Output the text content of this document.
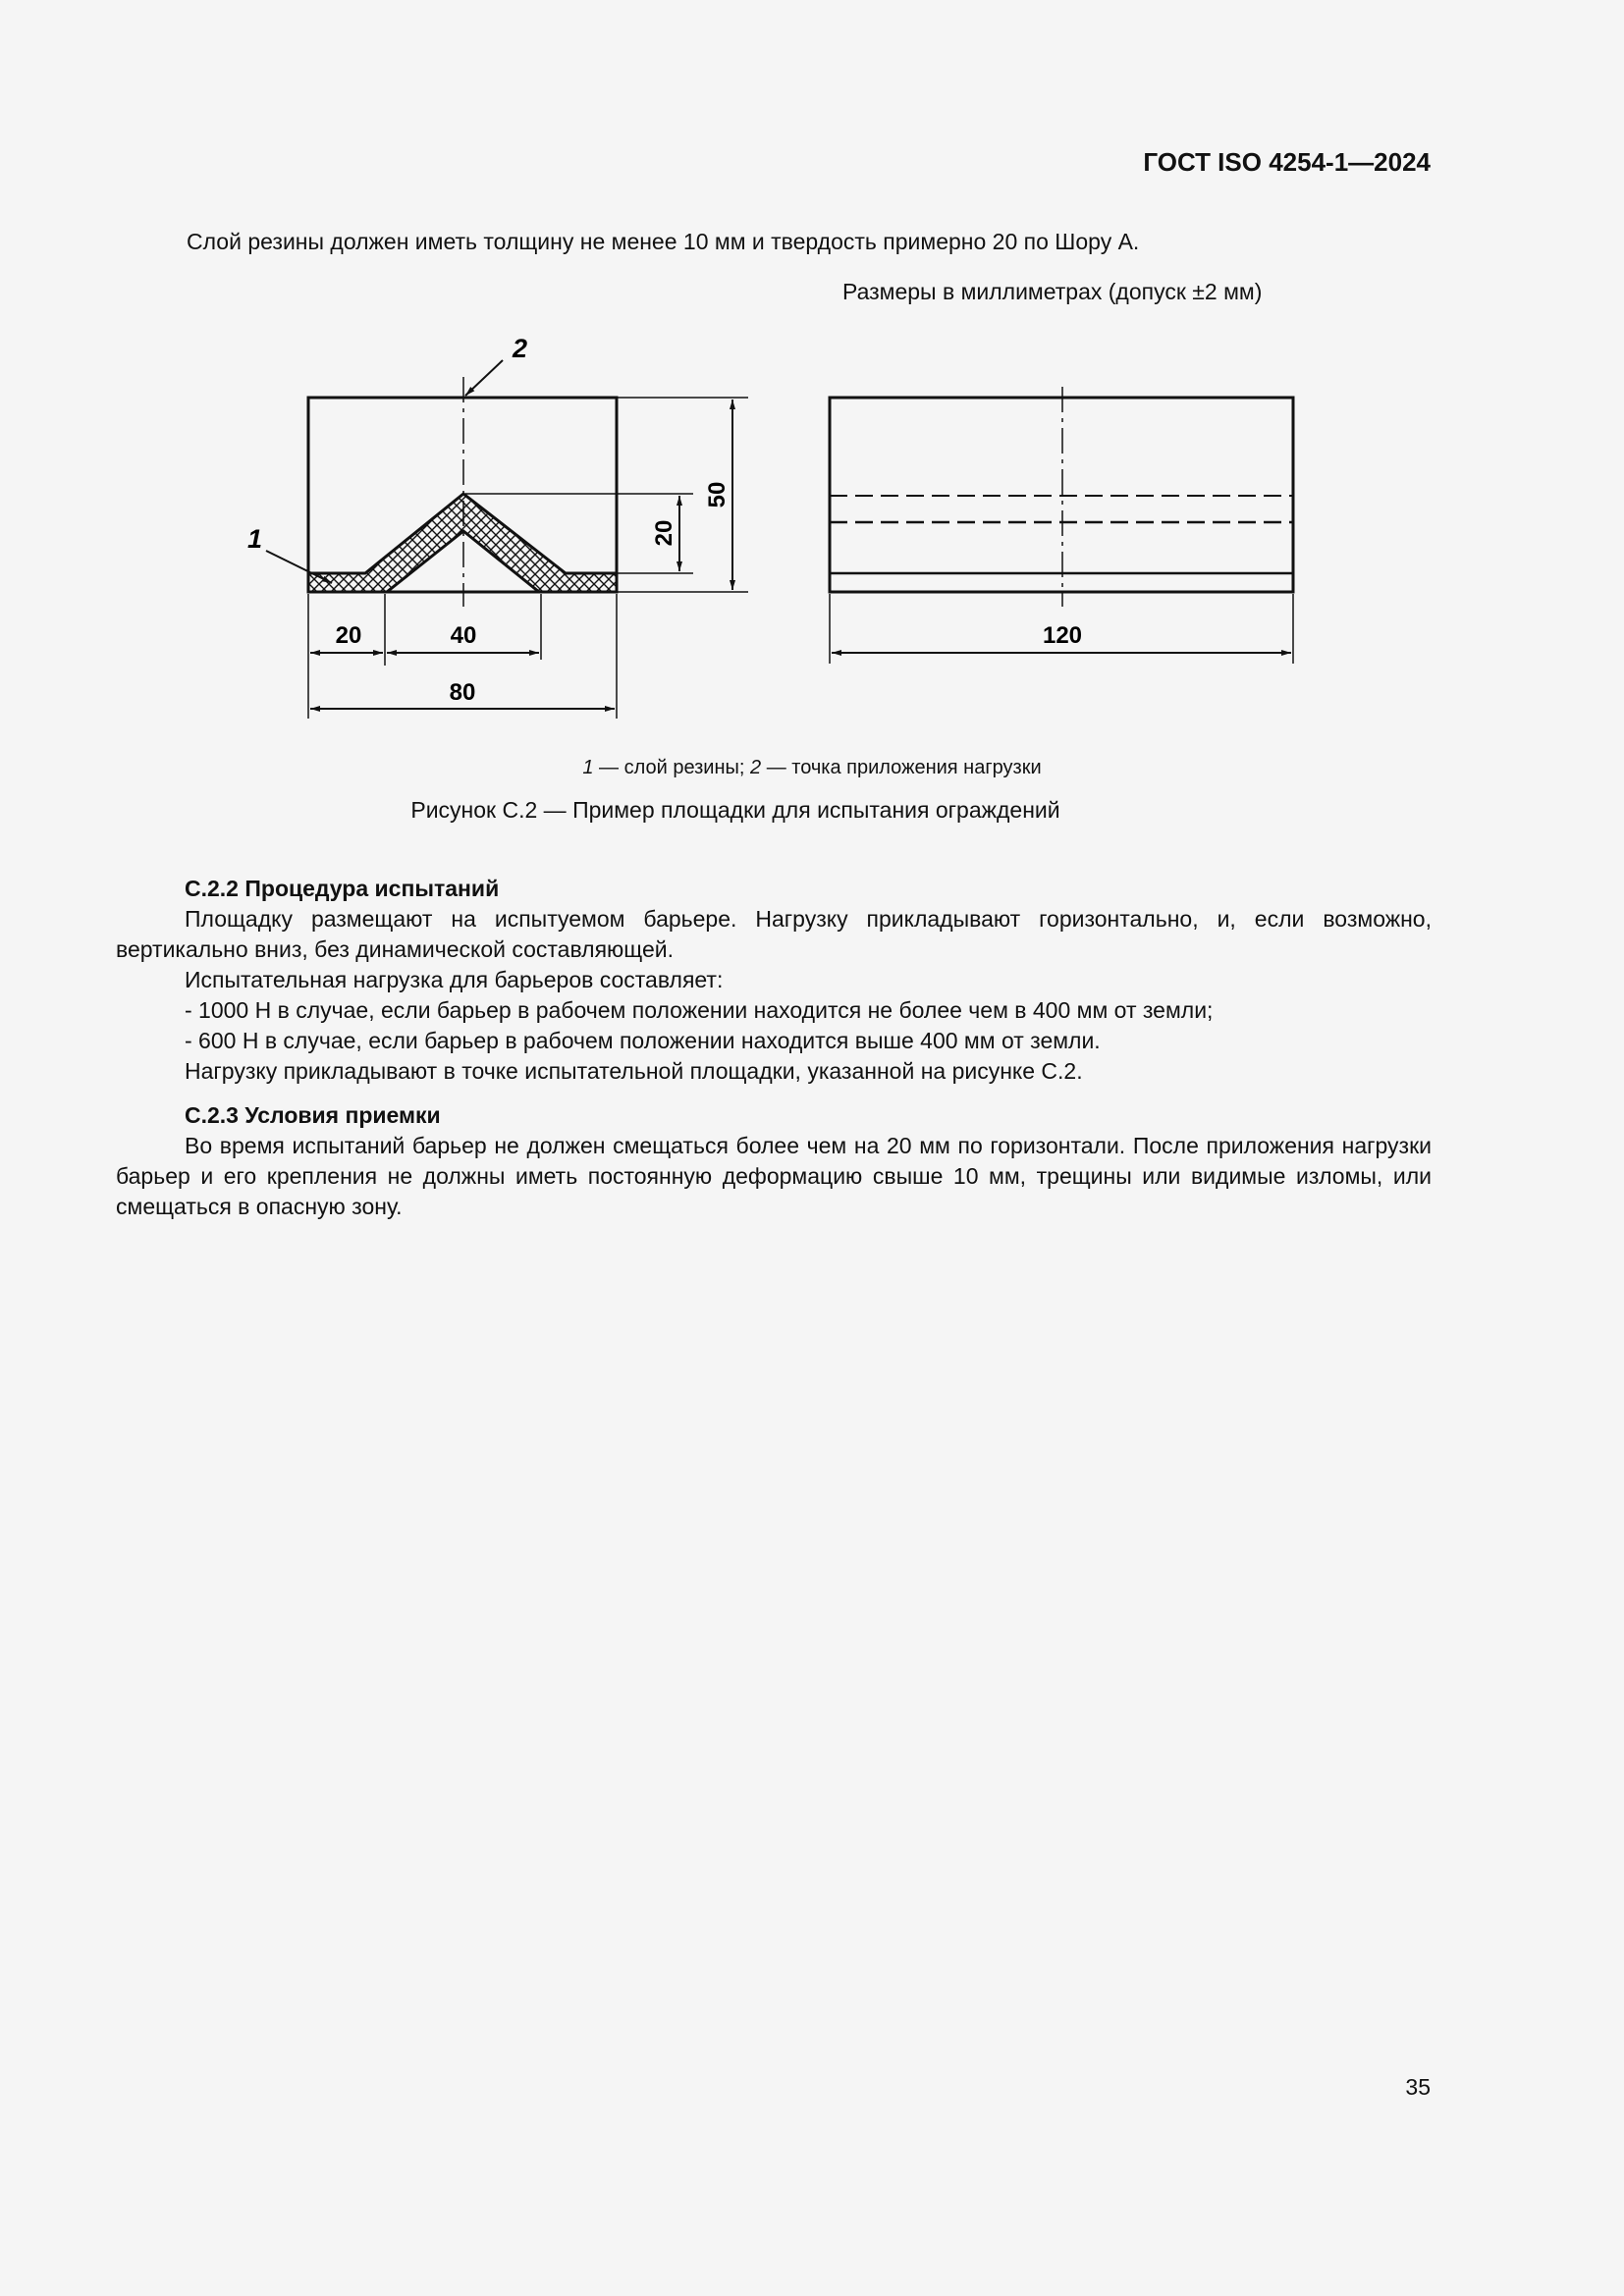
ГОСТ ISO 4254-1—2024
Слой резины должен иметь толщину не менее 10 мм и твердость примерно 20 по Шору А.
Размеры в миллиметрах (допуск ±2 мм)
2
1
20	40
80
20
50
120
1 — слой резины; 2 — точка приложения нагрузки
Рисунок С.2 — Пример площадки для испытания ограждений
С.2.2 Процедура испытаний
Площадку размещают на испытуемом барьере. Нагрузку прикладывают горизонтально, и, если возможно, вертикально вниз, без динамической составляющей.
Испытательная нагрузка для барьеров составляет:
- 1000 Н в случае, если барьер в рабочем положении находится не более чем в 400 мм от земли;
- 600 Н в случае, если барьер в рабочем положении находится выше 400 мм от земли.
Нагрузку прикладывают в точке испытательной площадки, указанной на рисунке С.2.
С.2.3 Условия приемки
Во время испытаний барьер не должен смещаться более чем на 20 мм по горизонтали. После приложения нагрузки барьер и его крепления не должны иметь постоянную деформацию свыше 10 мм, трещины или видимые изломы, или смещаться в опасную зону.
35
